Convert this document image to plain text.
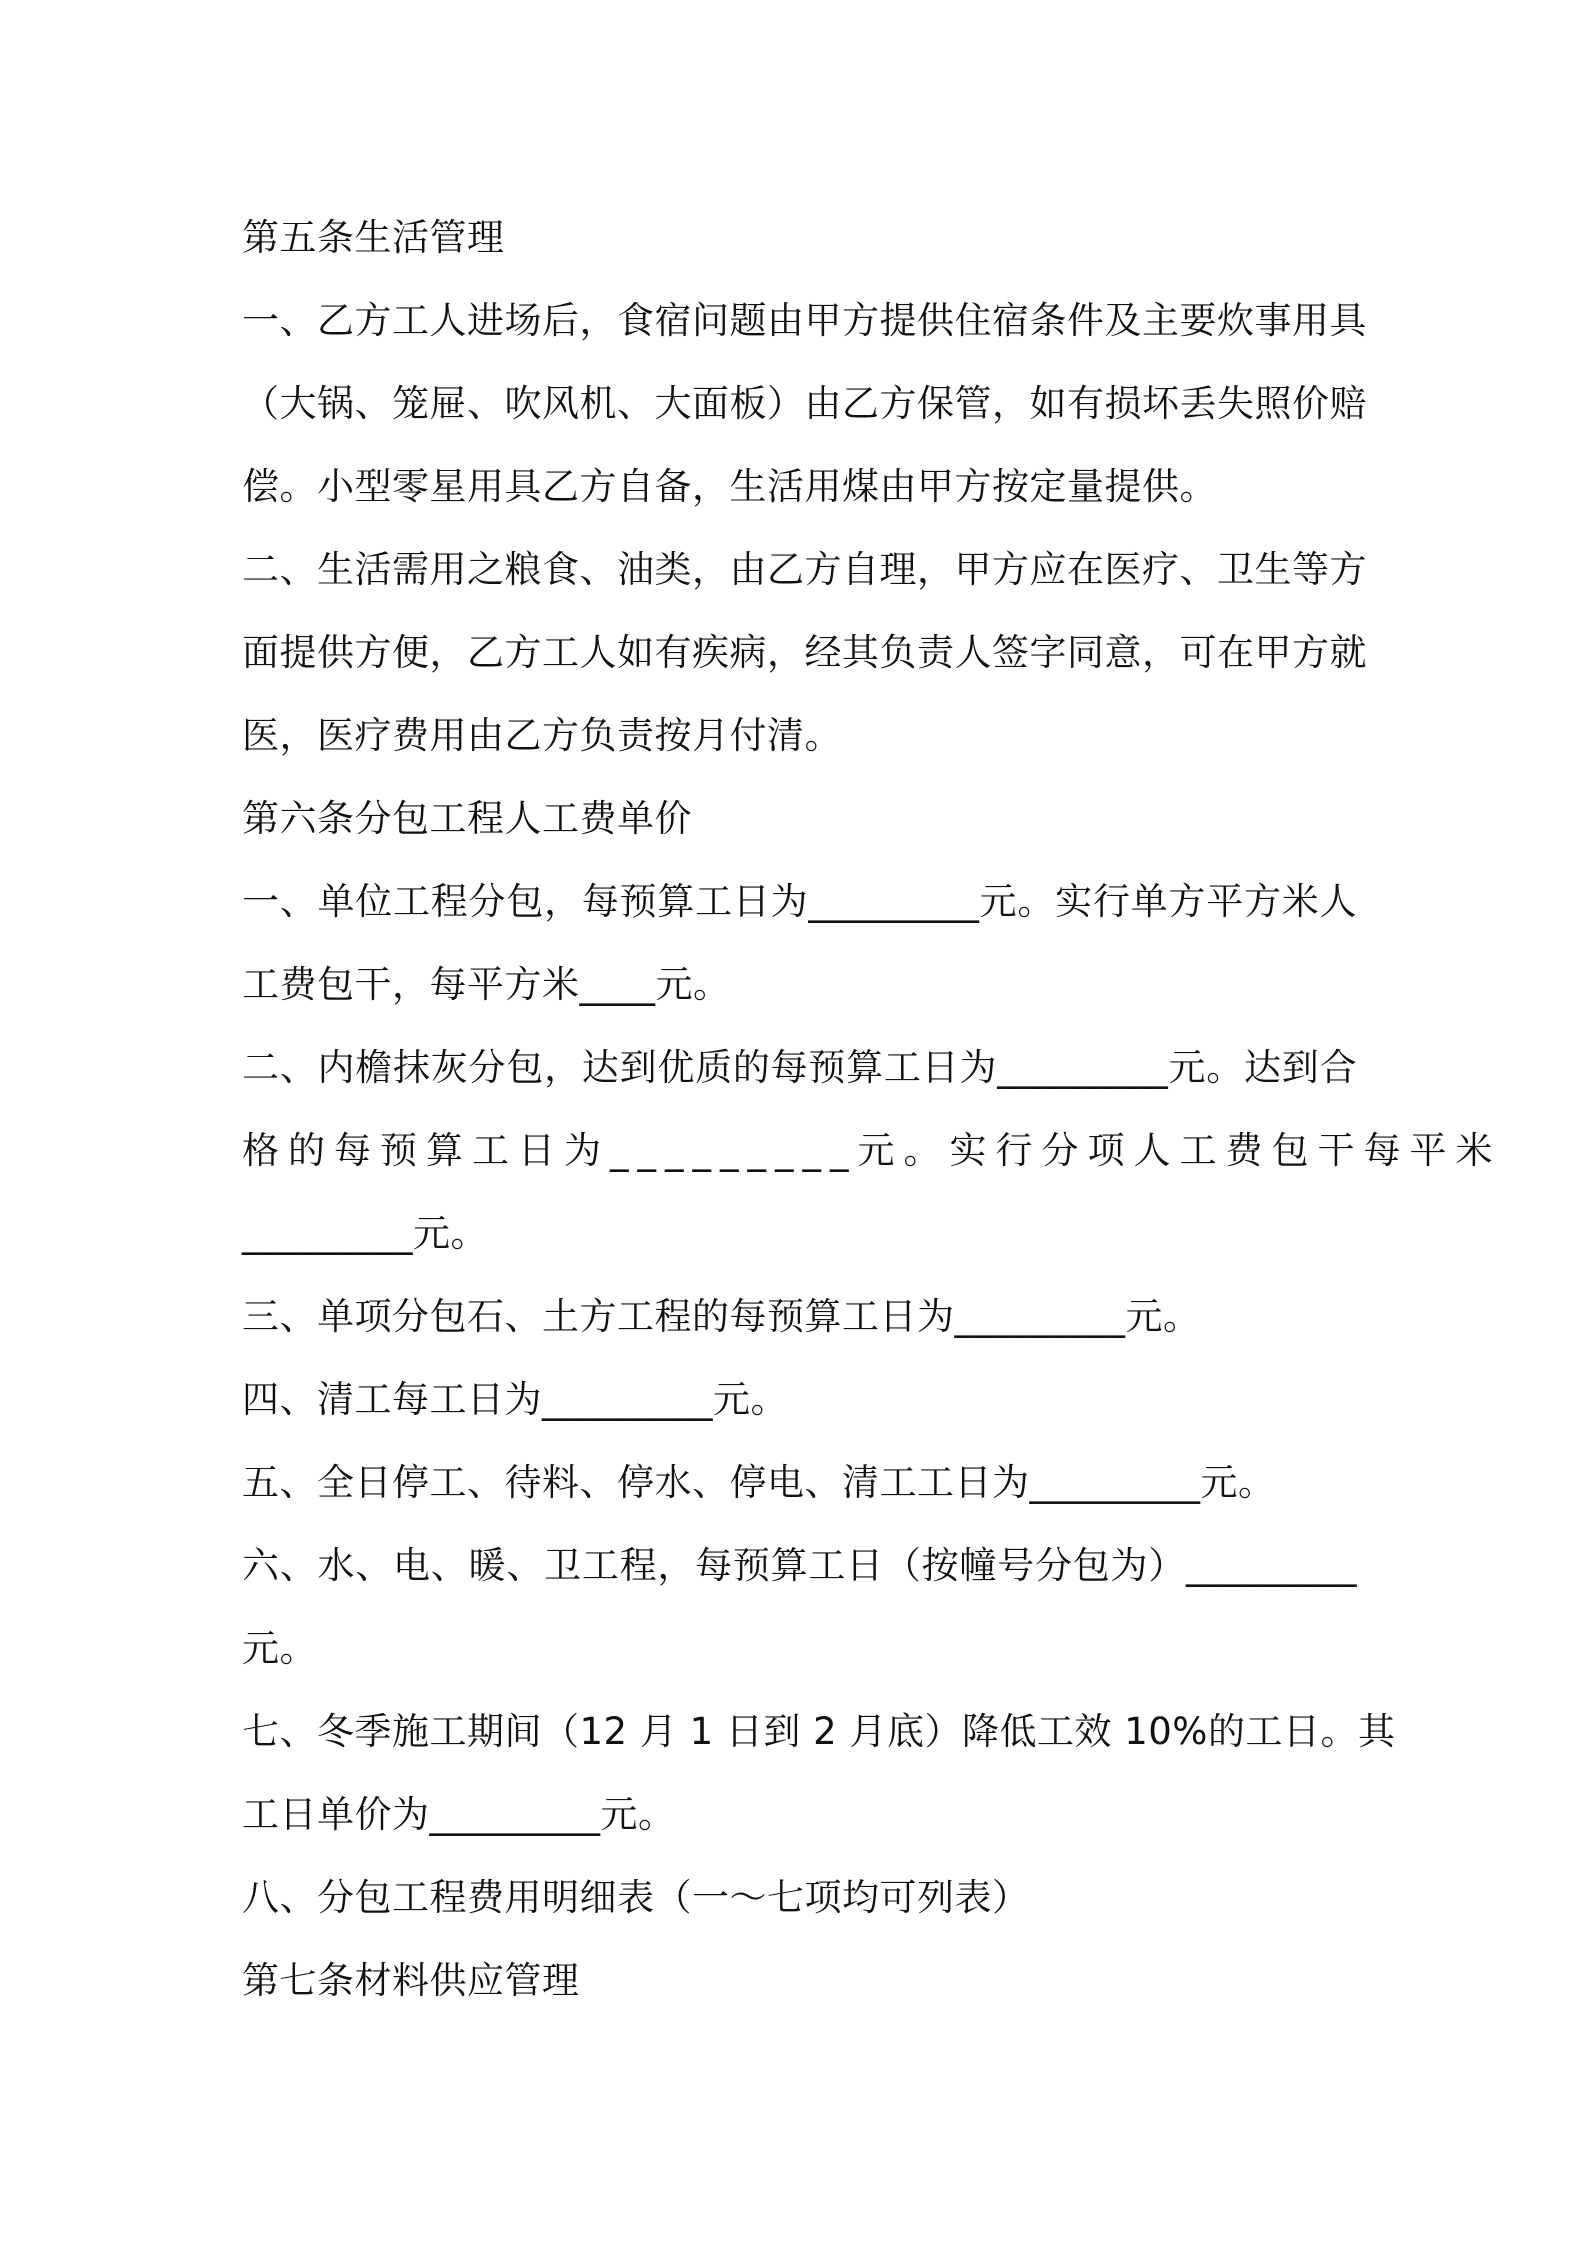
第五条生活管理
一、乙方工人进场后，食宿问题由甲方提供住宿条件及主要炊事用具
（大锅、笼屉、吹风机、大面板）由乙方保管，如有损坏丢失照价赔
偿。小型零星用具乙方自备，生活用煤由甲方按定量提供。
二、生活需用之粮食、油类，由乙方自理，甲方应在医疗、卫生等方
面提供方便，乙方工人如有疾病，经其负责人签字同意，可在甲方就
医，医疗费用由乙方负责按月付清。
第六条分包工程人工费单价
一、单位工程分包，每预算工日为_________元。实行单方平方米人
工费包干，每平方米____元。
二、内檐抹灰分包，达到优质的每预算工日为_________元。达到合
格的每预算工日为_________元。实行分项人工费包干每平米
_________元。
三、单项分包石、土方工程的每预算工日为_________元。
四、清工每工日为_________元。
五、全日停工、待料、停水、停电、清工工日为_________元。
六、水、电、暖、卫工程，每预算工日（按幢号分包为）_________
元。
七、冬季施工期间（12 月 1 日到 2 月底）降低工效 10%的工日。其
工日单价为_________元。
八、分包工程费用明细表（一～七项均可列表）
第七条材料供应管理
